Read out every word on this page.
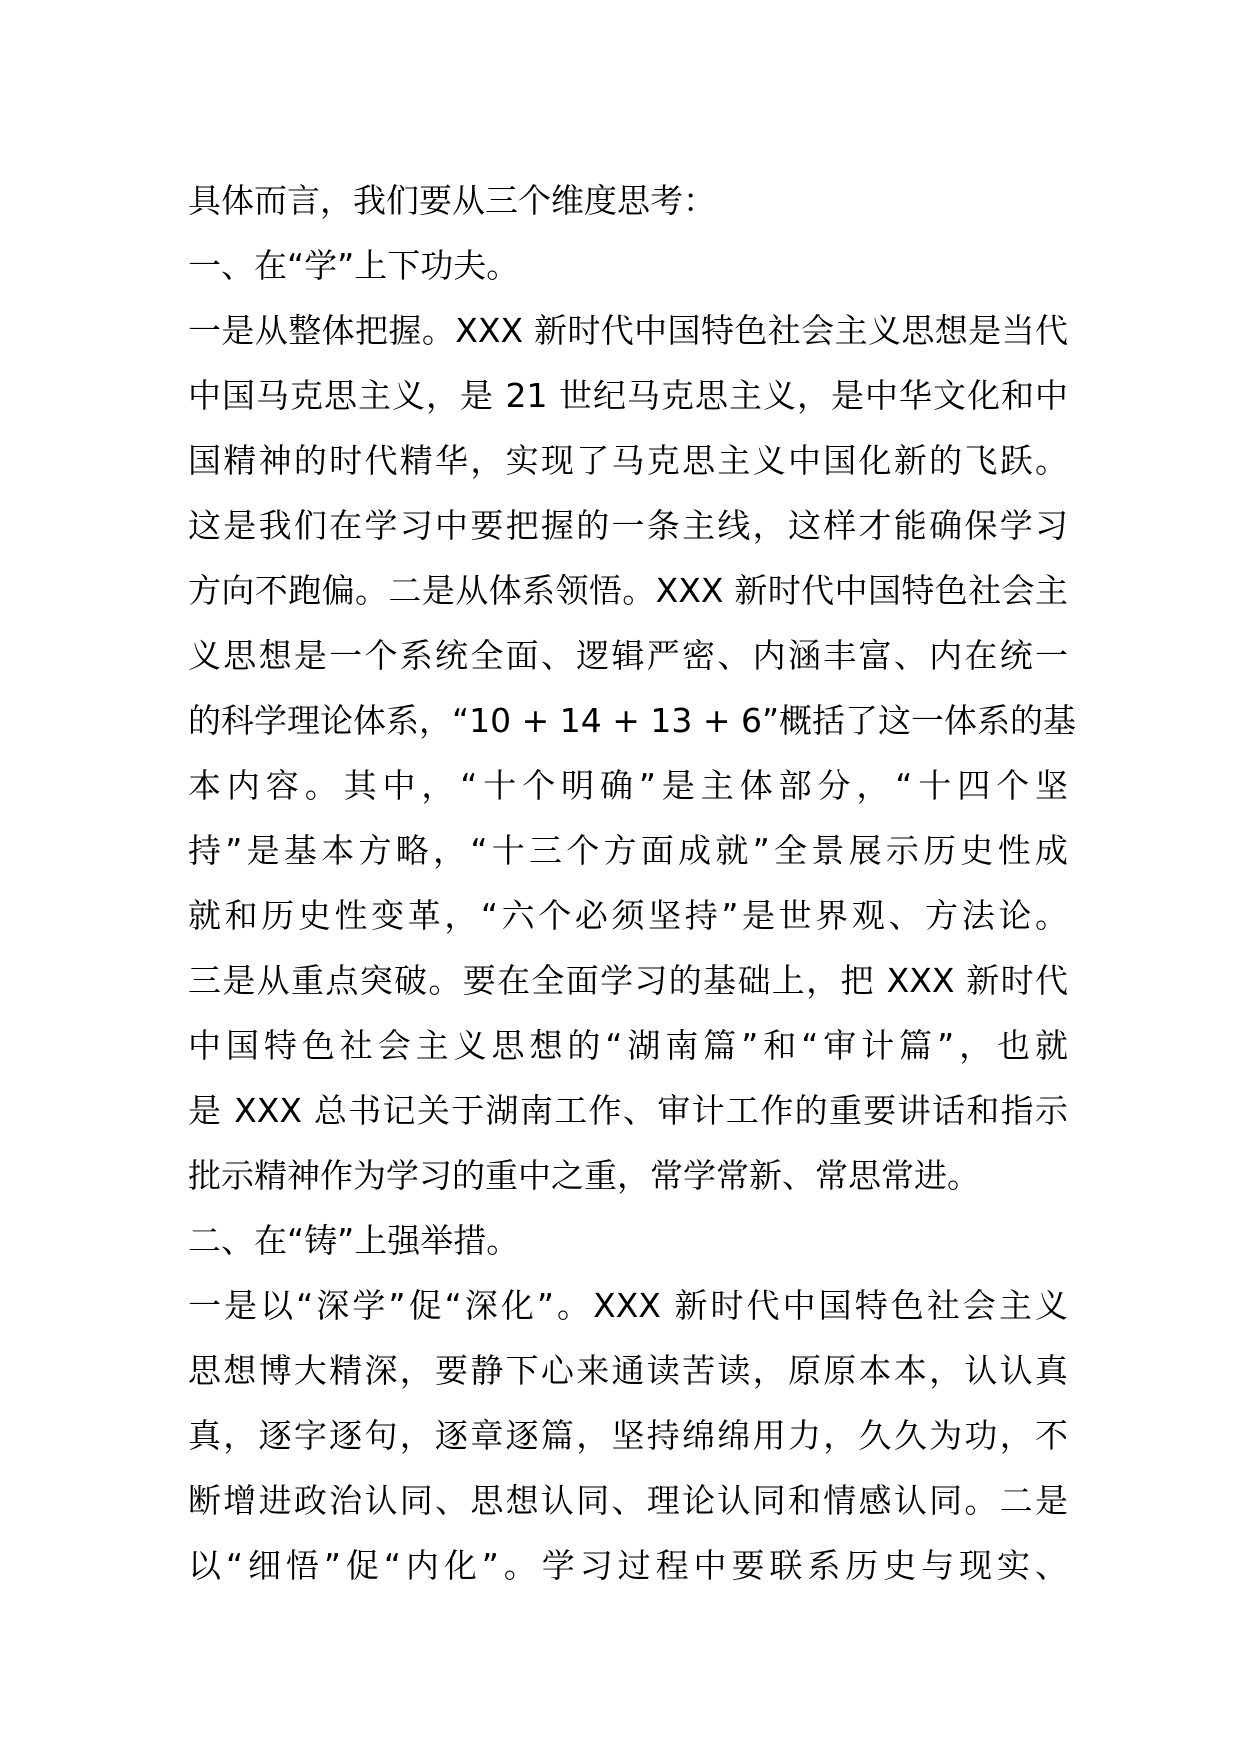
具体而言，我们要从三个维度思考：
一、在“学”上下功夫。
一是从整体把握。XXX 新时代中国特色社会主义思想是当代
中国马克思主义，是 21 世纪马克思主义，是中华文化和中
国精神的时代精华，实现了马克思主义中国化新的飞跃。
这是我们在学习中要把握的一条主线，这样才能确保学习
方向不跑偏。二是从体系领悟。XXX 新时代中国特色社会主
义思想是一个系统全面、逻辑严密、内涵丰富、内在统一
的科学理论体系，“10 + 14 + 13 + 6”概括了这一体系的基
本内容。其中，“十个明确”是主体部分，“十四个坚
持”是基本方略，“十三个方面成就”全景展示历史性成
就和历史性变革，“六个必须坚持”是世界观、方法论。
三是从重点突破。要在全面学习的基础上，把 XXX 新时代
中国特色社会主义思想的“湖南篇”和“审计篇”，也就
是 XXX 总书记关于湖南工作、审计工作的重要讲话和指示
批示精神作为学习的重中之重，常学常新、常思常进。
二、在“铸”上强举措。
一是以“深学”促“深化”。XXX 新时代中国特色社会主义
思想博大精深，要静下心来通读苦读，原原本本，认认真
真，逐字逐句，逐章逐篇，坚持绵绵用力，久久为功，不
断增进政治认同、思想认同、理论认同和情感认同。二是
以“细悟”促“内化”。学习过程中要联系历史与现实、
